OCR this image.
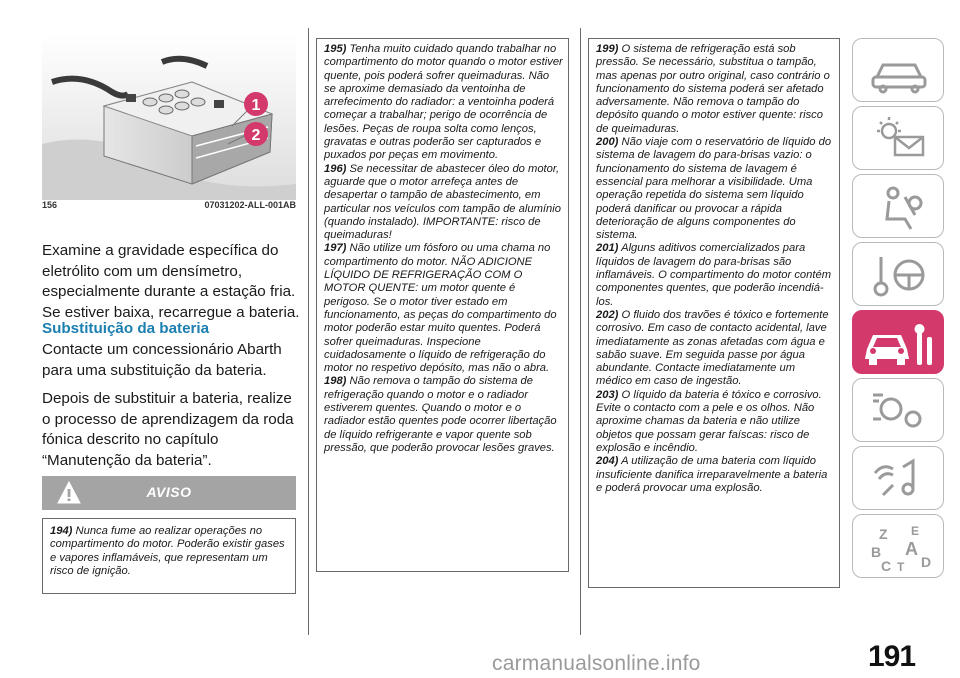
1
2
156	07031202-ALL-001AB

Examine a gravidade específica do eletrólito com um densímetro, especialmente durante a estação fria. Se estiver baixa, recarregue a bateria.

Substituição da bateria

Contacte um concessionário Abarth para uma substituição da bateria.

Depois de substituir a bateria, realize o processo de aprendizagem da roda fónica descrito no capítulo “Manutenção da bateria”.

AVISO

194) Nunca fume ao realizar operações no compartimento do motor. Poderão existir gases e vapores inflamáveis, que representam um risco de ignição.

195) Tenha muito cuidado quando trabalhar no compartimento do motor quando o motor estiver quente, pois poderá sofrer queimaduras. Não se aproxime demasiado da ventoinha de arrefecimento do radiador: a ventoinha poderá começar a trabalhar; perigo de ocorrência de lesões. Peças de roupa solta como lenços, gravatas e outras poderão ser capturados e puxados por peças em movimento.

196) Se necessitar de abastecer óleo do motor, aguarde que o motor arrefeça antes de desapertar o tampão de abastecimento, em particular nos veículos com tampão de alumínio (quando instalado). IMPORTANTE: risco de queimaduras!

197) Não utilize um fósforo ou uma chama no compartimento do motor. NÃO ADICIONE LÍQUIDO DE REFRIGERAÇÃO COM O MOTOR QUENTE: um motor quente é perigoso. Se o motor tiver estado em funcionamento, as peças do compartimento do motor poderão estar muito quentes. Poderá sofrer queimaduras. Inspecione cuidadosamente o líquido de refrigeração do motor no respetivo depósito, mas não o abra.

198) Não remova o tampão do sistema de refrigeração quando o motor e o radiador estiverem quentes. Quando o motor e o radiador estão quentes pode ocorrer libertação de líquido refrigerante e vapor quente sob pressão, que poderão provocar lesões graves.

199) O sistema de refrigeração está sob pressão. Se necessário, substitua o tampão, mas apenas por outro original, caso contrário o funcionamento do sistema poderá ser afetado adversamente. Não remova o tampão do depósito quando o motor estiver quente: risco de queimaduras.

200) Não viaje com o reservatório de líquido do sistema de lavagem do para-brisas vazio: o funcionamento do sistema de lavagem é essencial para melhorar a visibilidade. Uma operação repetida do sistema sem líquido poderá danificar ou provocar a rápida deterioração de alguns componentes do sistema.

201) Alguns aditivos comercializados para líquidos de lavagem do para-brisas são inflamáveis. O compartimento do motor contém componentes quentes, que poderão incendiá-los.

202) O fluido dos travões é tóxico e fortemente corrosivo. Em caso de contacto acidental, lave imediatamente as zonas afetadas com água e sabão suave. Em seguida passe por água abundante. Contacte imediatamente um médico em caso de ingestão.

203) O líquido da bateria é tóxico e corrosivo. Evite o contacto com a pele e os olhos. Não aproxime chamas da bateria e não utilize objetos que possam gerar faíscas: risco de explosão e incêndio.

204) A utilização de uma bateria com líquido insuficiente danifica irreparavelmente a bateria e poderá provocar uma explosão.

Z E
B A
C T D
191
carmanualsonline.info
